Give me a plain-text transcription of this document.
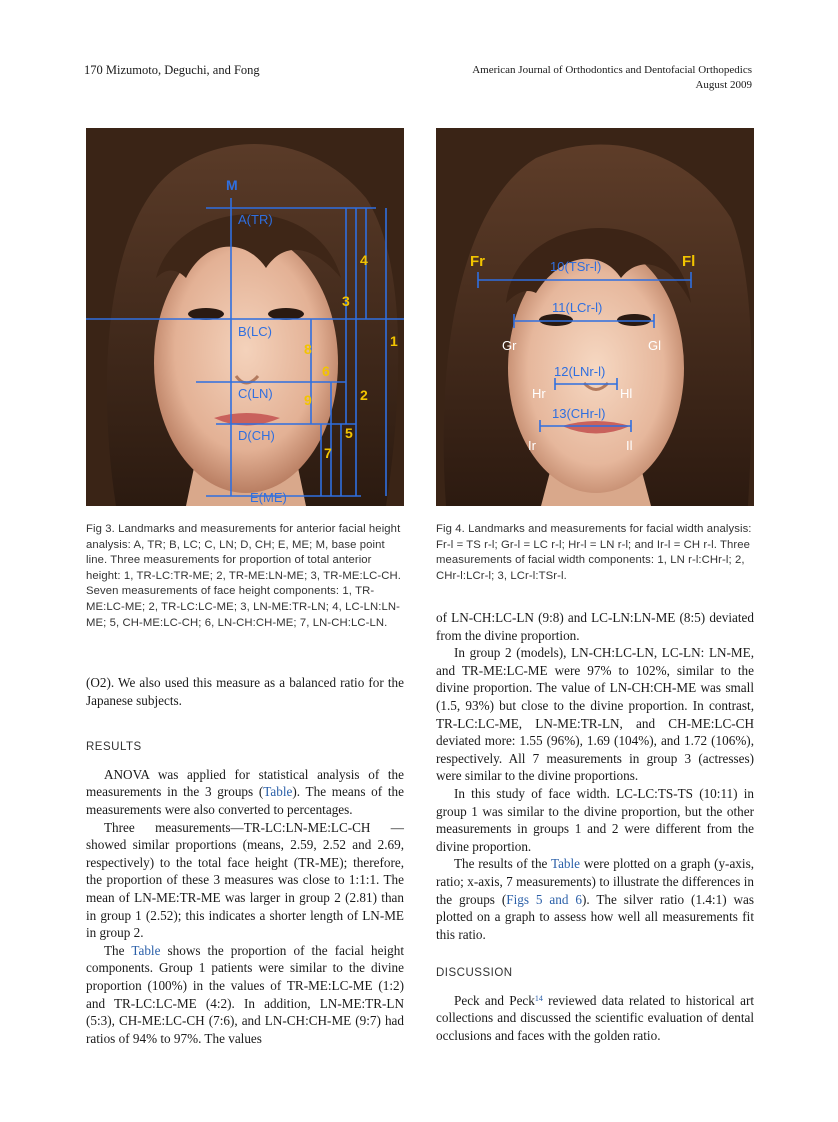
170 Mizumoto, Deguchi, and Fong	American Journal of Orthodontics and Dentofacial Orthopedics
August 2009
A(TR)
B(LC)
C(LN)
D(CH)
E(ME)
M
1
2
3
4
5
6
7
8
9
10(TSr-l)
11(LCr-l)
12(LNr-l)
13(CHr-l)
Fr	Fl
Gr	Gl
Hr	Hl
Ir	Il
Fig 3. Landmarks and measurements for anterior facial height analysis: A, TR; B, LC; C, LN; D, CH; E, ME; M, base point line. Three measurements for proportion of total anterior height: 1, TR-LC:TR-ME; 2, TR-ME:LN-ME; 3, TR-ME:LC-CH. Seven measurements of face height components: 1, TR-ME:LC-ME; 2, TR-LC:LC-ME; 3, LN-ME:TR-LN; 4, LC-LN:LN-ME; 5, CH-ME:LC-CH; 6, LN-CH:CH-ME; 7, LN-CH:LC-LN.
Fig 4. Landmarks and measurements for facial width analysis: Fr-l = TS r-l; Gr-l = LC r-l; Hr-l = LN r-l; and Ir-l = CH r-l. Three measurements of facial width components: 1, LN r-l:CHr-l; 2, CHr-l:LCr-l; 3, LCr-l:TSr-l.

(O2). We also used this measure as a balanced ratio for the Japanese subjects.

RESULTS

ANOVA was applied for statistical analysis of the measurements in the 3 groups (Table). The means of the measurements were also converted to percentages.

Three measurements—TR-LC:LN-ME:LC-CH —showed similar proportions (means, 2.59, 2.52 and 2.69, respectively) to the total face height (TR-ME); therefore, the proportion of these 3 measures was close to 1:1:1. The mean of LN-ME:TR-ME was larger in group 2 (2.81) than in group 1 (2.52); this indicates a shorter length of LN-ME in group 2.

The Table shows the proportion of the facial height components. Group 1 patients were similar to the divine proportion (100%) in the values of TR-ME:LC-ME (1:2) and TR-LC:LC-ME (4:2). In addition, LN-ME:TR-LN (5:3), CH-ME:LC-CH (7:6), and LN-CH:CH-ME (9:7) had ratios of 94% to 97%. The values

of LN-CH:LC-LN (9:8) and LC-LN:LN-ME (8:5) deviated from the divine proportion.

In group 2 (models), LN-CH:LC-LN, LC-LN: LN-ME, and TR-ME:LC-ME were 97% to 102%, similar to the divine proportion. The value of LN-CH:CH-ME was small (1.5, 93%) but close to the divine proportion. In contrast, TR-LC:LC-ME, LN-ME:TR-LN, and CH-ME:LC-CH deviated more: 1.55 (96%), 1.69 (104%), and 1.72 (106%), respectively. All 7 measurements in group 3 (actresses) were similar to the divine proportions.

In this study of face width. LC-LC:TS-TS (10:11) in group 1 was similar to the divine proportion, but the other measurements in groups 1 and 2 were different from the divine proportion.

The results of the Table were plotted on a graph (y-axis, ratio; x-axis, 7 measurements) to illustrate the differences in the groups (Figs 5 and 6). The silver ratio (1.4:1) was plotted on a graph to assess how well all measurements fit this ratio.

DISCUSSION

Peck and Peck$^{14}$ reviewed data related to historical art collections and discussed the scientific evaluation of dental occlusions and faces with the golden ratio.
